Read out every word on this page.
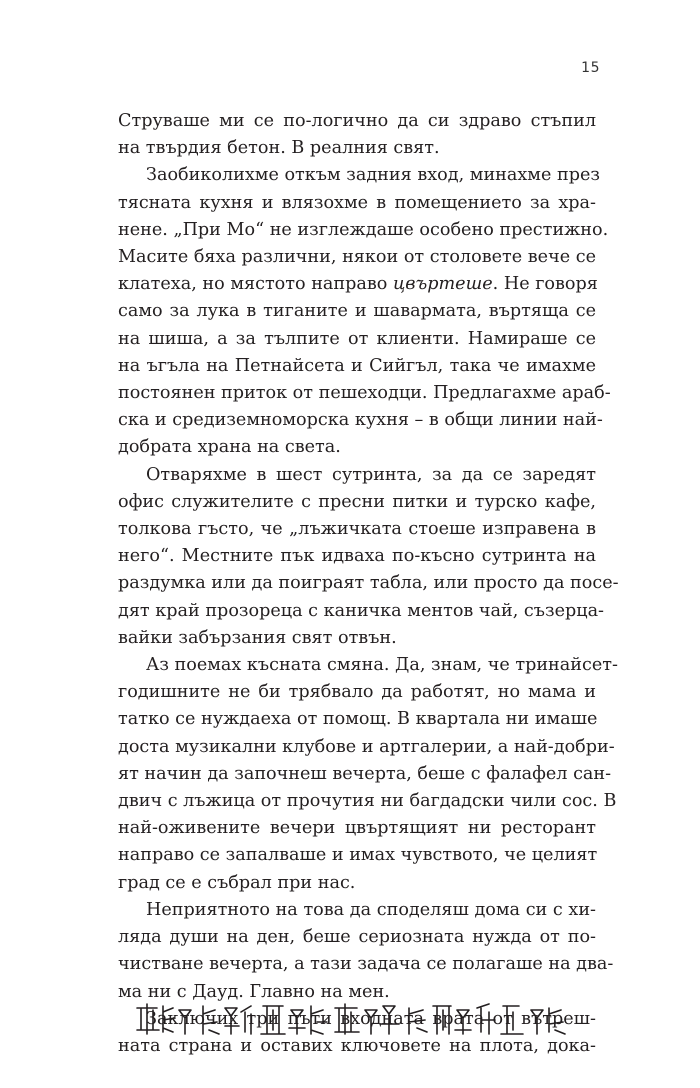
15

Струваше ми се по-логично да си здраво стъпил
на твърдия бетон. В реалния свят.

Заобиколихме откъм задния вход, минахме през
тясната кухня и влязохме в помещението за хра-
нене. „При Мо“ не изглеждаше особено престижно.
Масите бяха различни, някои от столовете вече се
клатеха, но мястото направо цвъртеше. Не говоря
само за лука в тиганите и шавармата, въртяща се
на шиша, а за тълпите от клиенти. Намираше се
на ъгъла на Петнайсета и Сийгъл, така че имахме
постоянен приток от пешеходци. Предлагахме араб-
ска и средиземноморска кухня – в общи линии най-
добрата храна на света.

Отваряхме в шест сутринта, за да се заредят
офис служителите с пресни питки и турско кафе,
толкова гъсто, че „лъжичката стоеше изправена в
него“. Местните пък идваха по-късно сутринта на
раздумка или да поиграят табла, или просто да посе-
дят край прозореца с каничка ментов чай, съзерца-
вайки забързания свят отвън.

Аз поемах късната смяна. Да, знам, че тринайсет-
годишните не би трябвало да работят, но мама и
татко се нуждаеха от помощ. В квартала ни имаше
доста музикални клубове и артгалерии, а най-добри-
ят начин да започнеш вечерта, беше с фалафел сан-
двич с лъжица от прочутия ни багдадски чили сос. В
най-оживените вечери цвъртящият ни ресторант
направо се запалваше и имах чувството, че целият
град се е събрал при нас.

Неприятното на това да споделяш дома си с хи-
ляда души на ден, беше сериозната нужда от по-
чистване вечерта, а тази задача се полагаше на два-
ма ни с Дауд. Главно на мен.

Заключих три пъти входната врата от вътреш-
ната страна и оставих ключовете на плота, дока-
